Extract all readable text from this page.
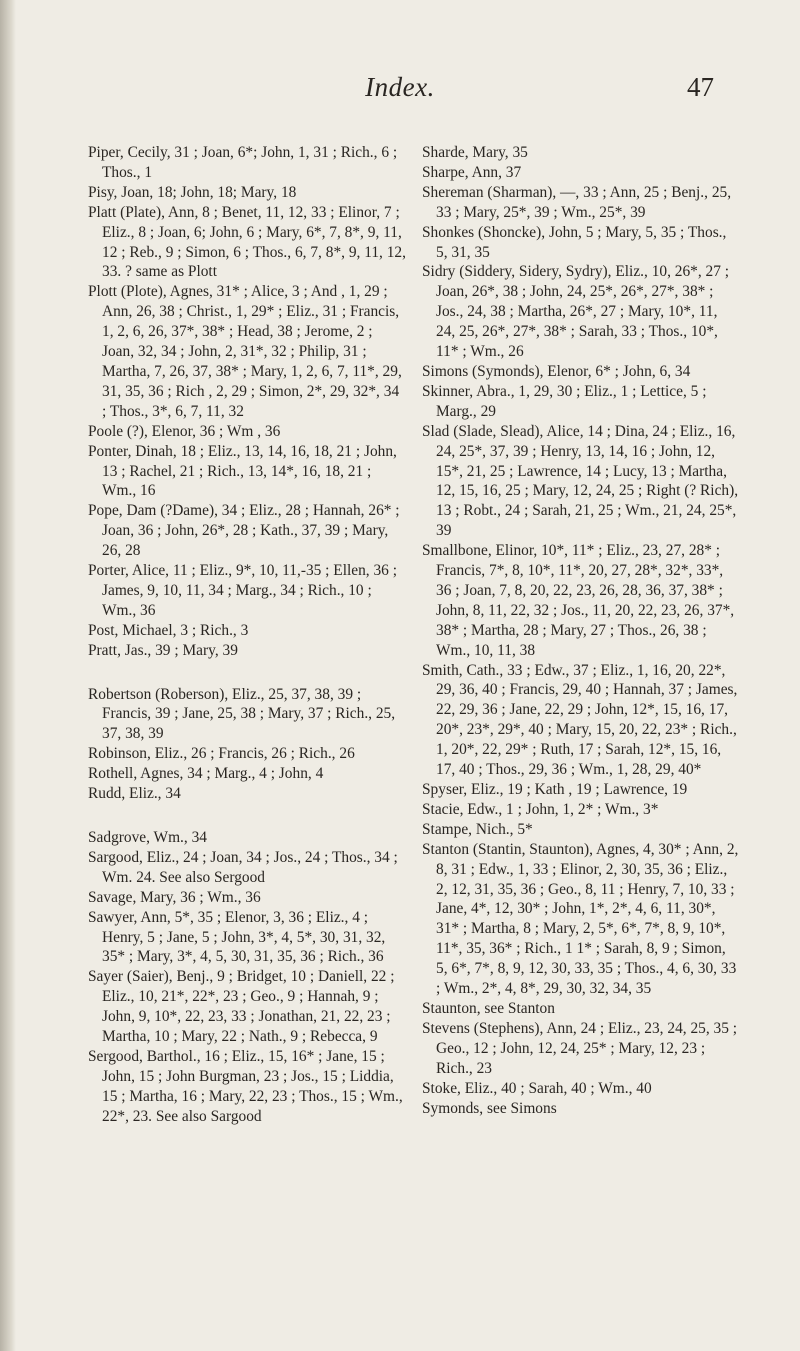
Index.	47

Piper, Cecily, 31 ; Joan, 6*; John, 1, 31 ; Rich., 6 ; Thos., 1

Pisy, Joan, 18; John, 18; Mary, 18

Platt (Plate), Ann, 8 ; Benet, 11, 12, 33 ; Elinor, 7 ; Eliz., 8 ; Joan, 6; John, 6 ; Mary, 6*, 7, 8*, 9, 11, 12 ; Reb., 9 ; Simon, 6 ; Thos., 6, 7, 8*, 9, 11, 12, 33. ? same as Plott

Plott (Plote), Agnes, 31* ; Alice, 3 ; And , 1, 29 ; Ann, 26, 38 ; Christ., 1, 29* ; Eliz., 31 ; Francis, 1, 2, 6, 26, 37*, 38* ; Head, 38 ; Jerome, 2 ; Joan, 32, 34 ; John, 2, 31*, 32 ; Philip, 31 ; Martha, 7, 26, 37, 38* ; Mary, 1, 2, 6, 7, 11*, 29, 31, 35, 36 ; Rich , 2, 29 ; Simon, 2*, 29, 32*, 34 ; Thos., 3*, 6, 7, 11, 32

Poole (?), Elenor, 36 ; Wm , 36

Ponter, Dinah, 18 ; Eliz., 13, 14, 16, 18, 21 ; John, 13 ; Rachel, 21 ; Rich., 13, 14*, 16, 18, 21 ; Wm., 16

Pope, Dam (?Dame), 34 ; Eliz., 28 ; Hannah, 26* ; Joan, 36 ; John, 26*, 28 ; Kath., 37, 39 ; Mary, 26, 28

Porter, Alice, 11 ; Eliz., 9*, 10, 11,-35 ; Ellen, 36 ; James, 9, 10, 11, 34 ; Marg., 34 ; Rich., 10 ; Wm., 36

Post, Michael, 3 ; Rich., 3

Pratt, Jas., 39 ; Mary, 39

Robertson (Roberson), Eliz., 25, 37, 38, 39 ; Francis, 39 ; Jane, 25, 38 ; Mary, 37 ; Rich., 25, 37, 38, 39

Robinson, Eliz., 26 ; Francis, 26 ; Rich., 26

Rothell, Agnes, 34 ; Marg., 4 ; John, 4

Rudd, Eliz., 34

Sadgrove, Wm., 34

Sargood, Eliz., 24 ; Joan, 34 ; Jos., 24 ; Thos., 34 ; Wm. 24. See also Sergood

Savage, Mary, 36 ; Wm., 36

Sawyer, Ann, 5*, 35 ; Elenor, 3, 36 ; Eliz., 4 ; Henry, 5 ; Jane, 5 ; John, 3*, 4, 5*, 30, 31, 32, 35* ; Mary, 3*, 4, 5, 30, 31, 35, 36 ; Rich., 36

Sayer (Saier), Benj., 9 ; Bridget, 10 ; Daniell, 22 ; Eliz., 10, 21*, 22*, 23 ; Geo., 9 ; Hannah, 9 ; John, 9, 10*, 22, 23, 33 ; Jonathan, 21, 22, 23 ; Martha, 10 ; Mary, 22 ; Nath., 9 ; Rebecca, 9

Sergood, Barthol., 16 ; Eliz., 15, 16* ; Jane, 15 ; John, 15 ; John Burgman, 23 ; Jos., 15 ; Liddia, 15 ; Martha, 16 ; Mary, 22, 23 ; Thos., 15 ; Wm., 22*, 23. See also Sargood

Sharde, Mary, 35

Sharpe, Ann, 37

Shereman (Sharman), —, 33 ; Ann, 25 ; Benj., 25, 33 ; Mary, 25*, 39 ; Wm., 25*, 39

Shonkes (Shoncke), John, 5 ; Mary, 5, 35 ; Thos., 5, 31, 35

Sidry (Siddery, Sidery, Sydry), Eliz., 10, 26*, 27 ; Joan, 26*, 38 ; John, 24, 25*, 26*, 27*, 38* ; Jos., 24, 38 ; Martha, 26*, 27 ; Mary, 10*, 11, 24, 25, 26*, 27*, 38* ; Sarah, 33 ; Thos., 10*, 11* ; Wm., 26

Simons (Symonds), Elenor, 6* ; John, 6, 34

Skinner, Abra., 1, 29, 30 ; Eliz., 1 ; Lettice, 5 ; Marg., 29

Slad (Slade, Slead), Alice, 14 ; Dina, 24 ; Eliz., 16, 24, 25*, 37, 39 ; Henry, 13, 14, 16 ; John, 12, 15*, 21, 25 ; Lawrence, 14 ; Lucy, 13 ; Martha, 12, 15, 16, 25 ; Mary, 12, 24, 25 ; Right (? Rich), 13 ; Robt., 24 ; Sarah, 21, 25 ; Wm., 21, 24, 25*, 39

Smallbone, Elinor, 10*, 11* ; Eliz., 23, 27, 28* ; Francis, 7*, 8, 10*, 11*, 20, 27, 28*, 32*, 33*, 36 ; Joan, 7, 8, 20, 22, 23, 26, 28, 36, 37, 38* ; John, 8, 11, 22, 32 ; Jos., 11, 20, 22, 23, 26, 37*, 38* ; Martha, 28 ; Mary, 27 ; Thos., 26, 38 ; Wm., 10, 11, 38

Smith, Cath., 33 ; Edw., 37 ; Eliz., 1, 16, 20, 22*, 29, 36, 40 ; Francis, 29, 40 ; Hannah, 37 ; James, 22, 29, 36 ; Jane, 22, 29 ; John, 12*, 15, 16, 17, 20*, 23*, 29*, 40 ; Mary, 15, 20, 22, 23* ; Rich., 1, 20*, 22, 29* ; Ruth, 17 ; Sarah, 12*, 15, 16, 17, 40 ; Thos., 29, 36 ; Wm., 1, 28, 29, 40*

Spyser, Eliz., 19 ; Kath , 19 ; Lawrence, 19

Stacie, Edw., 1 ; John, 1, 2* ; Wm., 3*

Stampe, Nich., 5*

Stanton (Stantin, Staunton), Agnes, 4, 30* ; Ann, 2, 8, 31 ; Edw., 1, 33 ; Elinor, 2, 30, 35, 36 ; Eliz., 2, 12, 31, 35, 36 ; Geo., 8, 11 ; Henry, 7, 10, 33 ; Jane, 4*, 12, 30* ; John, 1*, 2*, 4, 6, 11, 30*, 31* ; Martha, 8 ; Mary, 2, 5*, 6*, 7*, 8, 9, 10*, 11*, 35, 36* ; Rich., 1 1* ; Sarah, 8, 9 ; Simon, 5, 6*, 7*, 8, 9, 12, 30, 33, 35 ; Thos., 4, 6, 30, 33 ; Wm., 2*, 4, 8*, 29, 30, 32, 34, 35

Staunton, see Stanton

Stevens (Stephens), Ann, 24 ; Eliz., 23, 24, 25, 35 ; Geo., 12 ; John, 12, 24, 25* ; Mary, 12, 23 ; Rich., 23

Stoke, Eliz., 40 ; Sarah, 40 ; Wm., 40

Symonds, see Simons
